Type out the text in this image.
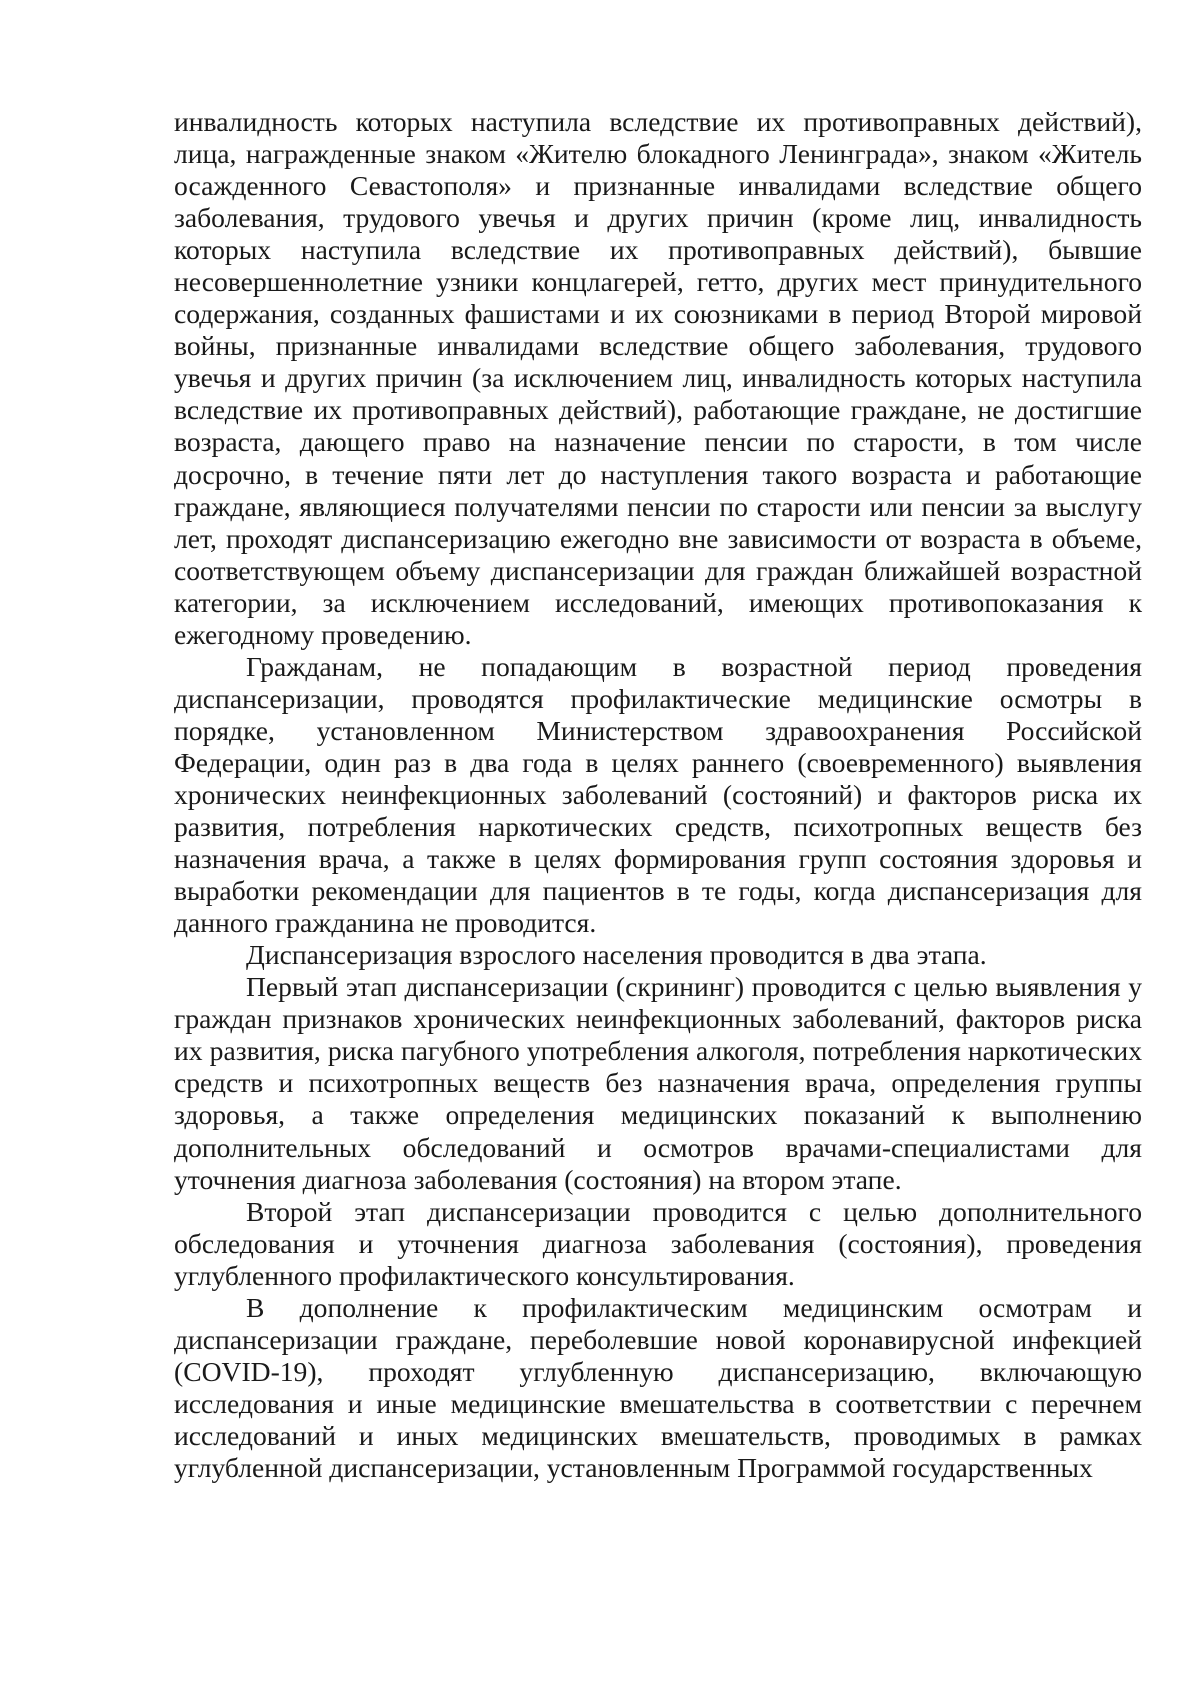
инвалидность которых наступила вследствие их противоправных действий), лица, награжденные знаком «Жителю блокадного Ленинграда», знаком «Житель осажденного Севастополя» и признанные инвалидами вследствие общего заболевания, трудового увечья и других причин (кроме лиц, инвалидность которых наступила вследствие их противоправных действий), бывшие несовершеннолетние узники концлагерей, гетто, других мест принудительного содержания, созданных фашистами и их союзниками в период Второй мировой войны, признанные инвалидами вследствие общего заболевания, трудового увечья и других причин (за исключением лиц, инвалидность которых наступила вследствие их противоправных действий), работающие граждане, не достигшие возраста, дающего право на назначение пенсии по старости, в том числе досрочно, в течение пяти лет до наступления такого возраста и работающие граждане, являющиеся получателями пенсии по старости или пенсии за выслугу лет, проходят диспансеризацию ежегодно вне зависимости от возраста в объеме, соответствующем объему диспансеризации для граждан ближайшей возрастной категории, за исключением исследований, имеющих противопоказания к ежегодному проведению.

Гражданам, не попадающим в возрастной период проведения диспансеризации, проводятся профилактические медицинские осмотры в порядке, установленном Министерством здравоохранения Российской Федерации, один раз в два года в целях раннего (своевременного) выявления хронических неинфекционных заболеваний (состояний) и факторов риска их развития, потребления наркотических средств, психотропных веществ без назначения врача, а также в целях формирования групп состояния здоровья и выработки рекомендации для пациентов в те годы, когда диспансеризация для данного гражданина не проводится.

Диспансеризация взрослого населения проводится в два этапа.

Первый этап диспансеризации (скрининг) проводится с целью выявления у граждан признаков хронических неинфекционных заболеваний, факторов риска их развития, риска пагубного употребления алкоголя, потребления наркотических средств и психотропных веществ без назначения врача, определения группы здоровья, а также определения медицинских показаний к выполнению дополнительных обследований и осмотров врачами-специалистами для уточнения диагноза заболевания (состояния) на втором этапе.

Второй этап диспансеризации проводится с целью дополнительного обследования и уточнения диагноза заболевания (состояния), проведения углубленного профилактического консультирования.

В дополнение к профилактическим медицинским осмотрам и диспансеризации граждане, переболевшие новой коронавирусной инфекцией (COVID-19), проходят углубленную диспансеризацию, включающую исследования и иные медицинские вмешательства в соответствии с перечнем исследований и иных медицинских вмешательств, проводимых в рамках углубленной диспансеризации, установленным Программой государственных
